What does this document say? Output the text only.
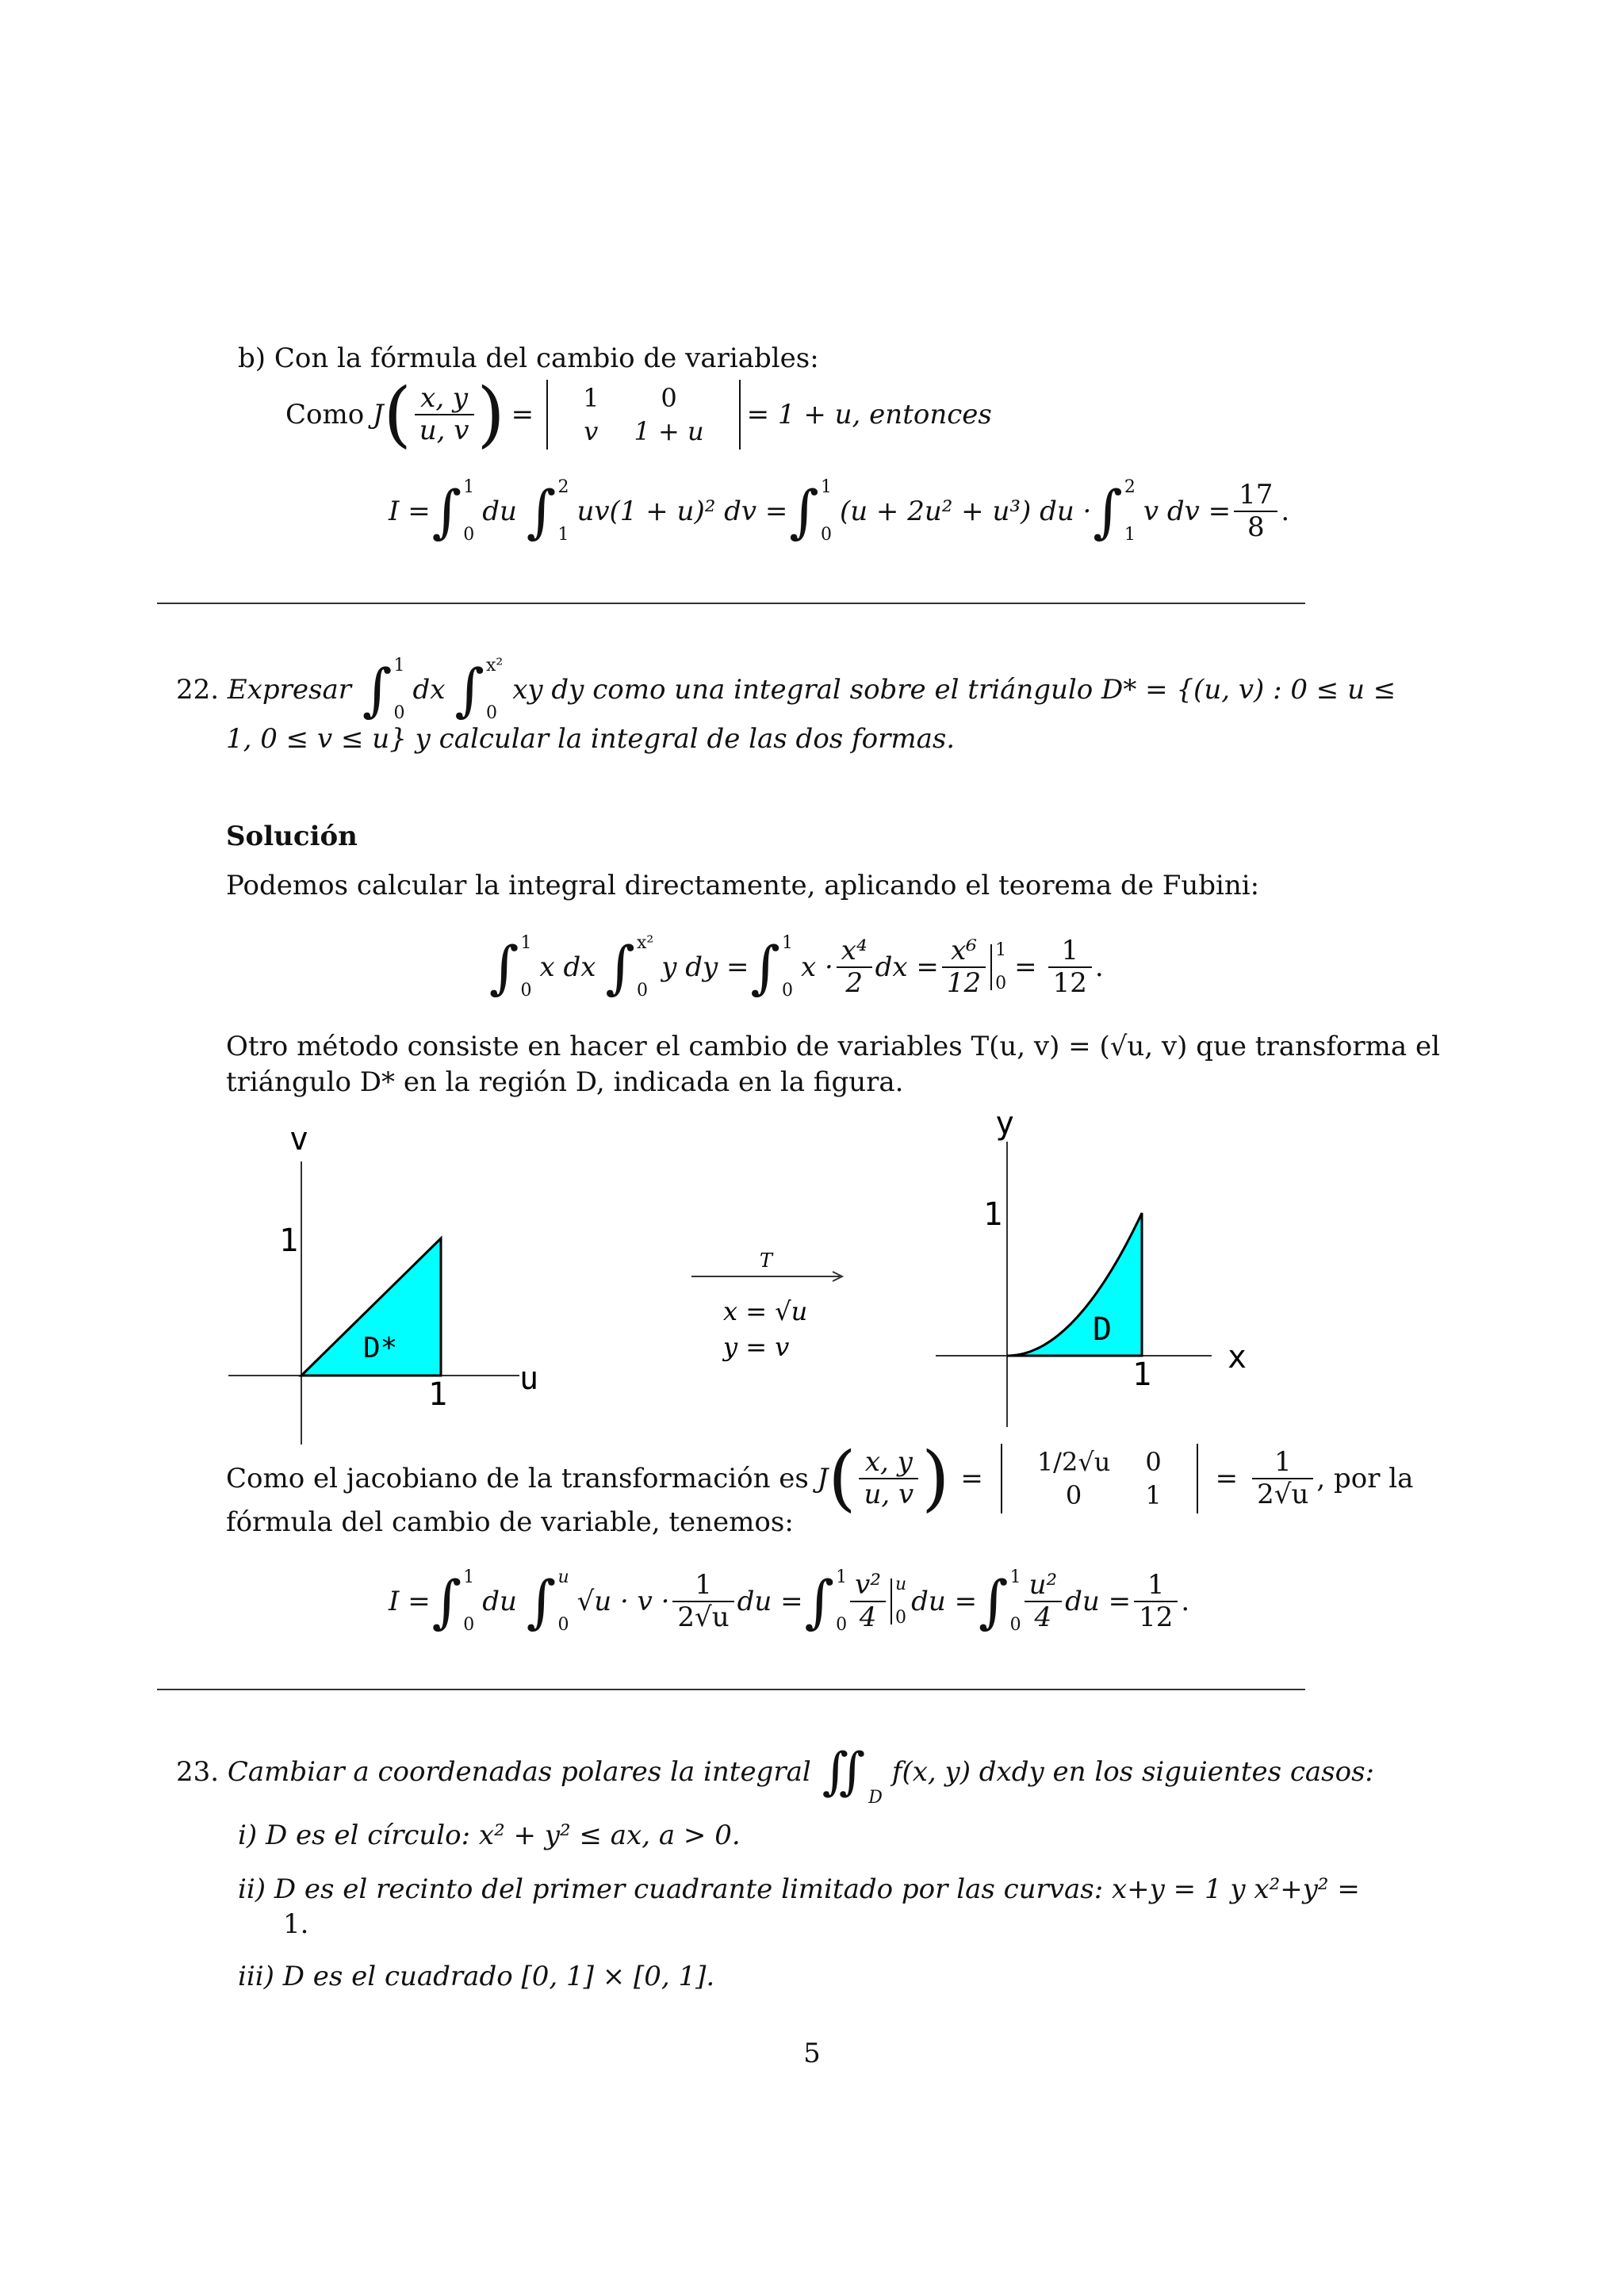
b) Con la fórmula del cambio de variables:
Como
J ( $\frac{x, y}{u, v}$ ) =
1	0
v	1 + u
= 1 + u, entonces
I = ∫ 1
0
du ∫ 2
1
uv(1 + u)² dv = ∫ 1
0
(u + 2u² + u³) du · ∫ 2
1
v dv = $\frac{17}{8}$ .
22.
Expresar ∫ 1
0
dx ∫ x²
0
xy dy como una integral sobre el triángulo D* = {(u, v) : 0 ≤ u ≤
1, 0 ≤ v ≤ u} y calcular la integral de las dos formas.
Solución
Podemos calcular la integral directamente, aplicando el teorema de Fubini:
∫ 1
0
x dx ∫ x²
0
y dy = ∫ 1
0
$x \cdot \frac{\text{x⁴}}{2}$ dx = $\frac{\text{x⁶}}{12} 1$
0
= $\frac{1}{12}$ .
Otro método consiste en hacer el cambio de variables T(u, v) = (√u, v) que transforma el
triángulo D* en la región D, indicada en la figura.
v
u
1
1
D*
T
x = √u
y = v
y
x
1
1
D
Como el jacobiano de la transformación es
J ( $\frac{x, y}{u, v}$ ) =
1/2√u	0
0	1
= $\frac{1}{2√u}$ , por la
fórmula del cambio de variable, tenemos:
I = ∫ 1
0
du ∫ u
0
$√u \cdot v \cdot \frac{1}{2√u}$ du = ∫ 1
$0 \frac{\text{v²}}{4}$ u
0
du = ∫ 1
$0 \frac{\text{u²}}{4}$ du = $\frac{1}{12}$ .
23.
Cambiar a coordenadas polares la integral ∬ D
f(x, y) dxdy en los siguientes casos:
i) D es el círculo: x² + y² ≤ ax, a > 0.
ii) D es el recinto del primer cuadrante limitado por las curvas: x+y = 1 y x²+y² =
1.
iii) D es el cuadrado [0, 1] × [0, 1].
5
